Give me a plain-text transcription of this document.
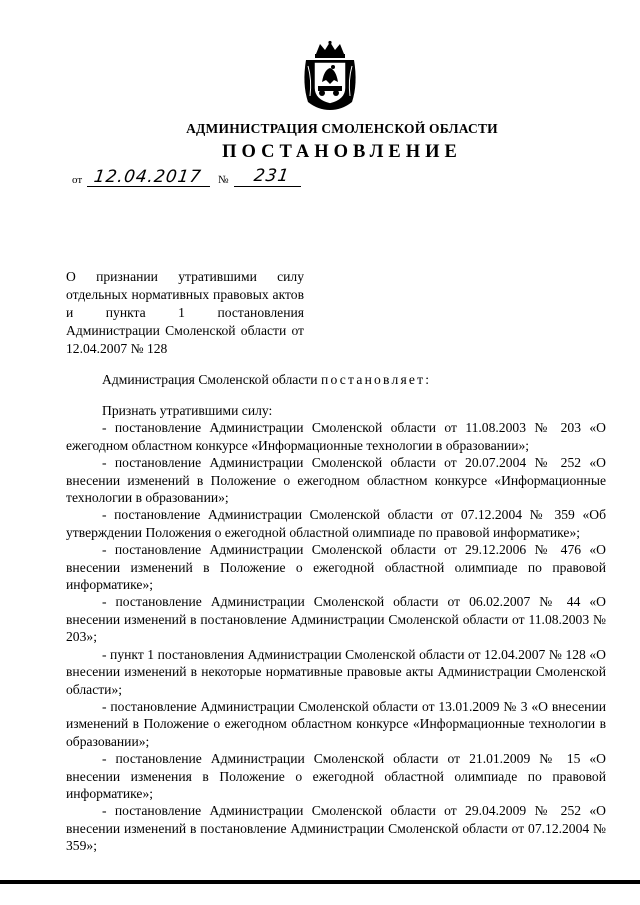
АДМИНИСТРАЦИЯ СМОЛЕНСКОЙ ОБЛАСТИ
ПОСТАНОВЛЕНИЕ
от 12.04.2017 № 231
О признании утратившими силу отдельных нормативных правовых актов и пункта 1 постановления Администрации Смоленской области от 12.04.2007 № 128
Администрация Смоленской области постановляет:
Признать утратившими силу:

- постановление Администрации Смоленской области от 11.08.2003 № 203 «О ежегодном областном конкурсе «Информационные технологии в образовании»;

- постановление Администрации Смоленской области от 20.07.2004 № 252 «О внесении изменений в Положение о ежегодном областном конкурсе «Информационные технологии в образовании»;

- постановление Администрации Смоленской области от 07.12.2004 № 359 «Об утверждении Положения о ежегодной областной олимпиаде по правовой информатике»;

- постановление Администрации Смоленской области от 29.12.2006 № 476 «О внесении изменений в Положение о ежегодной областной олимпиаде по правовой информатике»;

- постановление Администрации Смоленской области от 06.02.2007 № 44 «О внесении изменений в постановление Администрации Смоленской области от 11.08.2003 № 203»;

- пункт 1 постановления Администрации Смоленской области от 12.04.2007 № 128 «О внесении изменений в некоторые нормативные правовые акты Администрации Смоленской области»;

- постановление Администрации Смоленской области от 13.01.2009 № 3 «О внесении изменений в Положение о ежегодном областном конкурсе «Информационные технологии в образовании»;

- постановление Администрации Смоленской области от 21.01.2009 № 15 «О внесении изменения в Положение о ежегодной областной олимпиаде по правовой информатике»;

- постановление Администрации Смоленской области от 29.04.2009 № 252 «О внесении изменений в постановление Администрации Смоленской области от 07.12.2004 № 359»;
